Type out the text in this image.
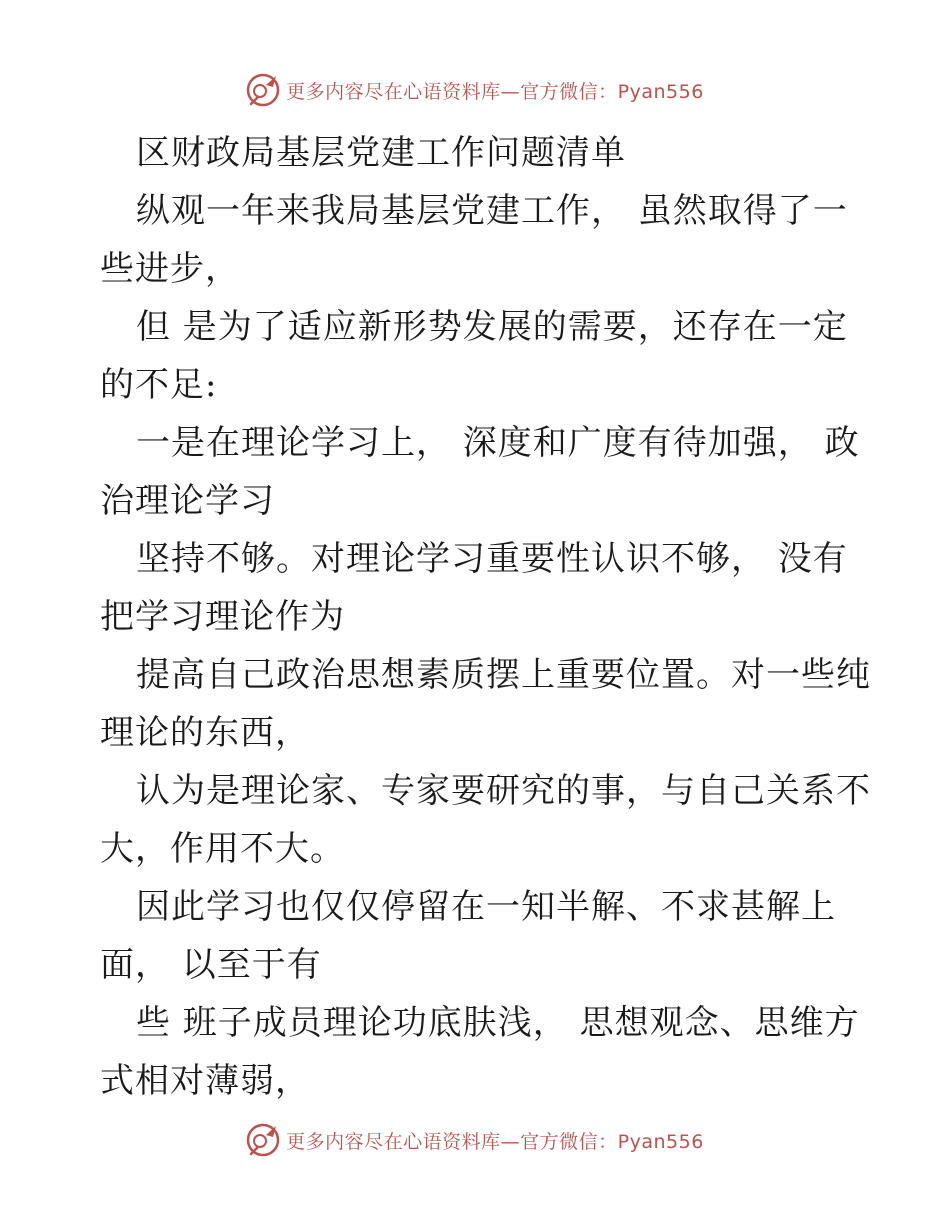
更多内容尽在心语资料库—官方微信：Pyan556
区财政局基层党建工作问题清单
纵观一年来我局基层党建工作， 虽然取得了一
些进步，
但 是为了适应新形势发展的需要，还存在一定
的不足:
一是在理论学习上， 深度和广度有待加强， 政
治理论学习
坚持不够。对理论学习重要性认识不够， 没有
把学习理论作为
提高自己政治思想素质摆上重要位置。对一些纯
理论的东西，
认为是理论家、专家要研究的事，与自己关系不
大，作用不大。
因此学习也仅仅停留在一知半解、不求甚解上
面， 以至于有
些 班子成员理论功底肤浅， 思想观念、思维方
式相对薄弱，
更多内容尽在心语资料库—官方微信：Pyan556
